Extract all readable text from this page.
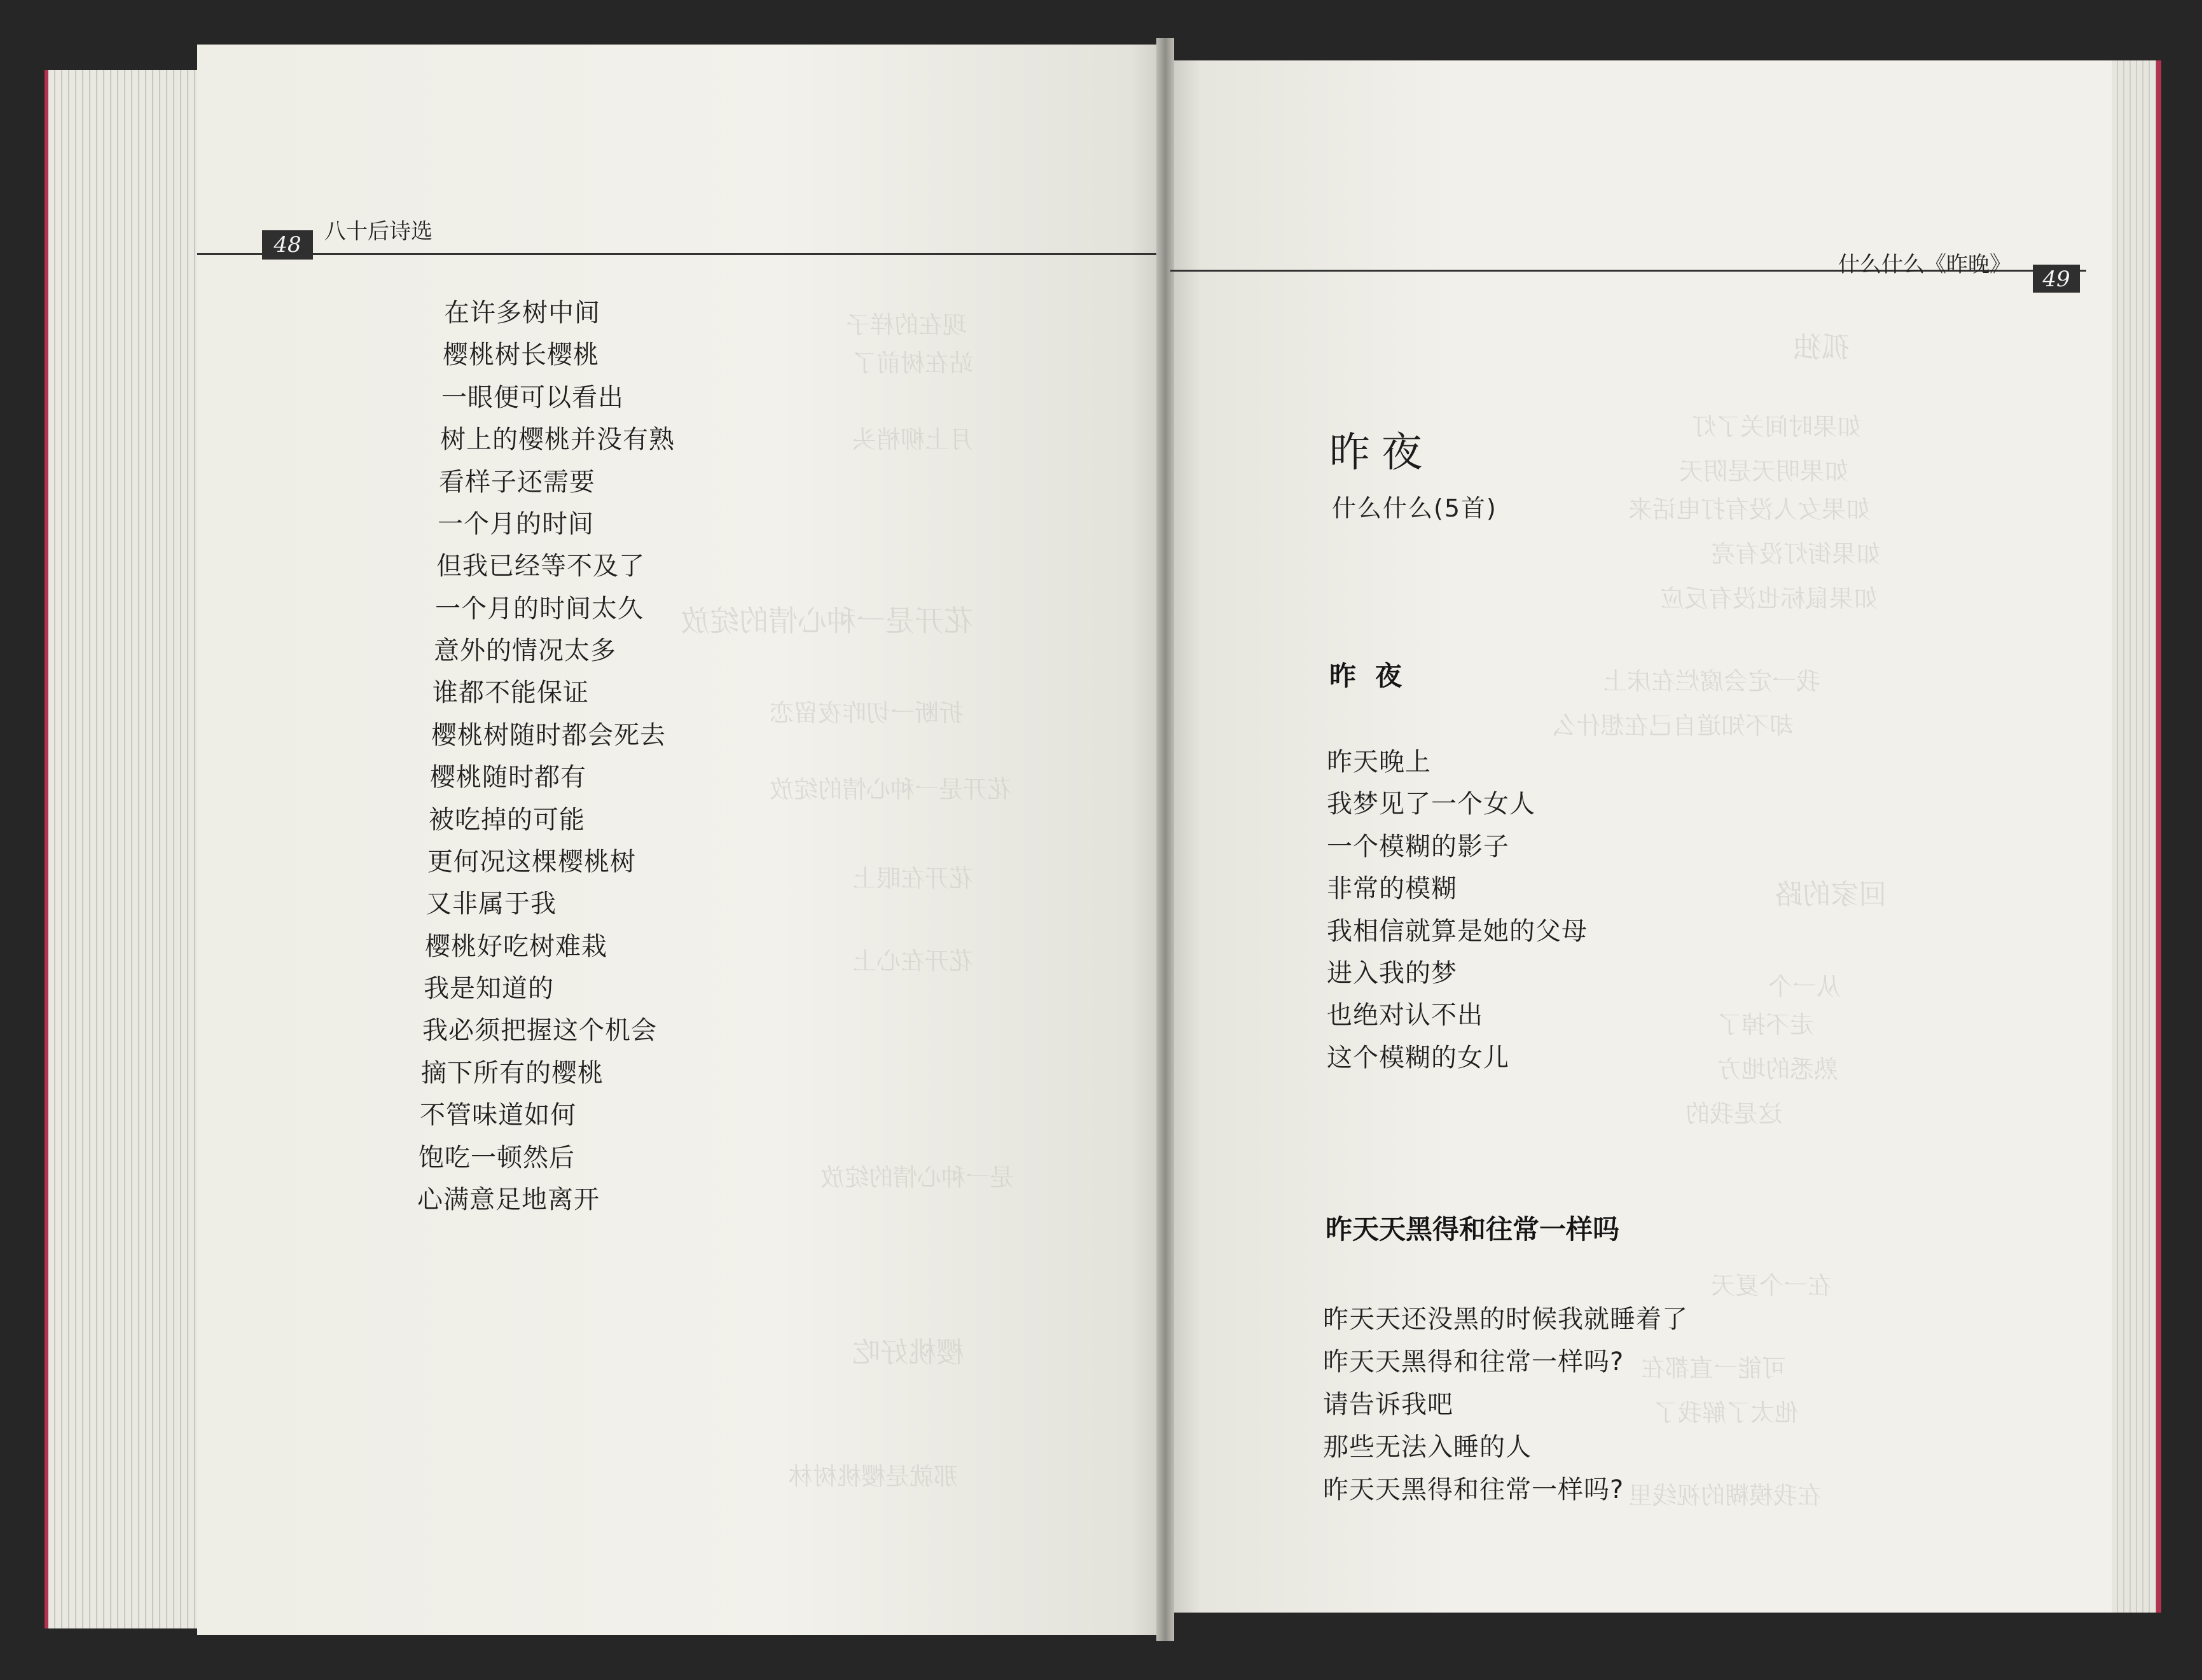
现在的样子
站在树前了
月上柳梢头
花开是一种心情的绽放
折断一切昨夜留恋
花开是一种心情的绽放
花开在眼上
花开在心上
是一种心情的绽放
樱桃好吃
那就是樱桃树林
48
八十后诗选
在许多树中间
樱桃树长樱桃
一眼便可以看出
树上的樱桃并没有熟
看样子还需要
一个月的时间
但我已经等不及了
一个月的时间太久
意外的情况太多
谁都不能保证
樱桃树随时都会死去
樱桃随时都有
被吃掉的可能
更何况这棵樱桃树
又非属于我
樱桃好吃树难栽
我是知道的
我必须把握这个机会
摘下所有的樱桃
不管味道如何
饱吃一顿然后
心满意足地离开
孤独
如果时间关了灯
如果明天是阴天
如果女人没有打电话来
如果街灯没有亮
如果鼠标也没有反应
我一定会腐烂在床上
却不知道自己在想什么
回家的路
从一个
走不掉了
熟悉的地方
这是我的
在一个夏天
可能一直都在
他太了解我了
在我模糊的视线里
什么什么《昨晚》
49
昨夜
什么什么(5首)
昨夜
昨天晚上
我梦见了一个女人
一个模糊的影子
非常的模糊
我相信就算是她的父母
进入我的梦
也绝对认不出
这个模糊的女儿
昨天天黑得和往常一样吗
昨天天还没黑的时候我就睡着了
昨天天黑得和往常一样吗?
请告诉我吧
那些无法入睡的人
昨天天黑得和往常一样吗?
